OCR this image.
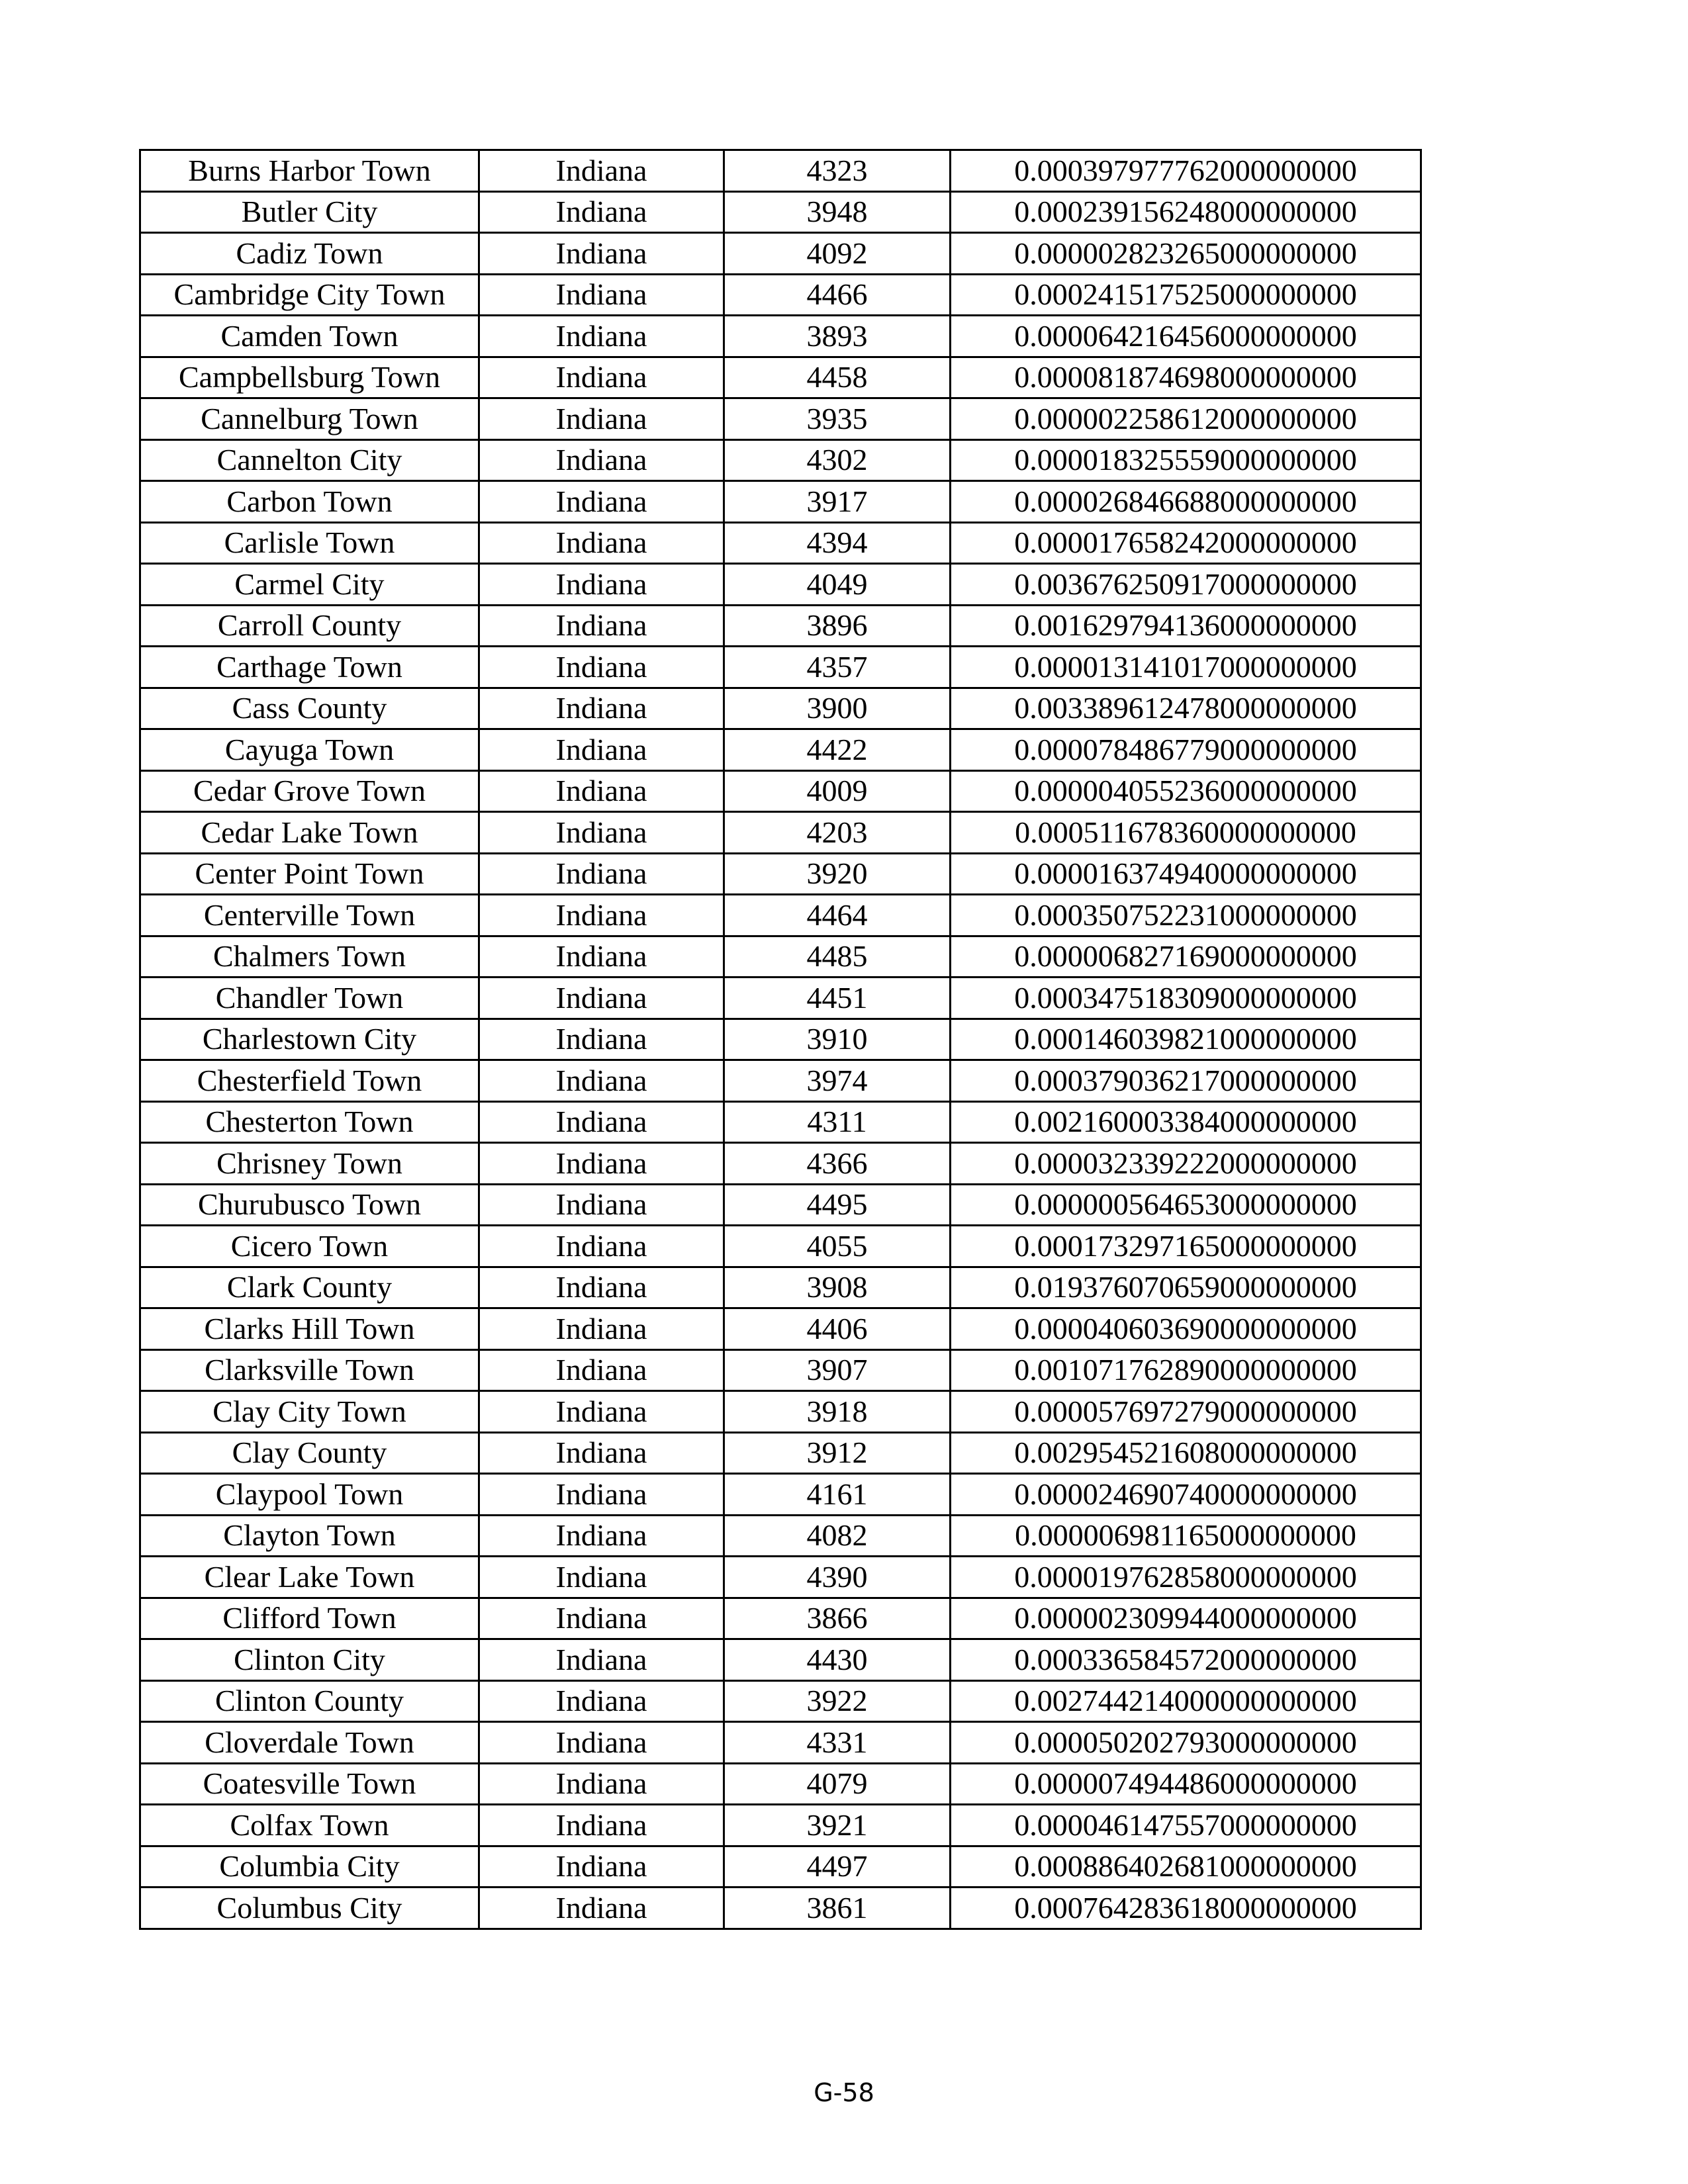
Burns Harbor Town	Indiana	4323	0.000397977762000000000
Butler City	Indiana	3948	0.000239156248000000000
Cadiz Town	Indiana	4092	0.000002823265000000000
Cambridge City Town	Indiana	4466	0.000241517525000000000
Camden Town	Indiana	3893	0.000064216456000000000
Campbellsburg Town	Indiana	4458	0.000081874698000000000
Cannelburg Town	Indiana	3935	0.000002258612000000000
Cannelton City	Indiana	4302	0.000018325559000000000
Carbon Town	Indiana	3917	0.000026846688000000000
Carlisle Town	Indiana	4394	0.000017658242000000000
Carmel City	Indiana	4049	0.003676250917000000000
Carroll County	Indiana	3896	0.001629794136000000000
Carthage Town	Indiana	4357	0.000013141017000000000
Cass County	Indiana	3900	0.003389612478000000000
Cayuga Town	Indiana	4422	0.000078486779000000000
Cedar Grove Town	Indiana	4009	0.000004055236000000000
Cedar Lake Town	Indiana	4203	0.000511678360000000000
Center Point Town	Indiana	3920	0.000016374940000000000
Centerville Town	Indiana	4464	0.000350752231000000000
Chalmers Town	Indiana	4485	0.000006827169000000000
Chandler Town	Indiana	4451	0.000347518309000000000
Charlestown City	Indiana	3910	0.000146039821000000000
Chesterfield Town	Indiana	3974	0.000379036217000000000
Chesterton Town	Indiana	4311	0.002160003384000000000
Chrisney Town	Indiana	4366	0.000032339222000000000
Churubusco Town	Indiana	4495	0.000000564653000000000
Cicero Town	Indiana	4055	0.000173297165000000000
Clark County	Indiana	3908	0.019376070659000000000
Clarks Hill Town	Indiana	4406	0.000040603690000000000
Clarksville Town	Indiana	3907	0.001071762890000000000
Clay City Town	Indiana	3918	0.000057697279000000000
Clay County	Indiana	3912	0.002954521608000000000
Claypool Town	Indiana	4161	0.000024690740000000000
Clayton Town	Indiana	4082	0.000006981165000000000
Clear Lake Town	Indiana	4390	0.000019762858000000000
Clifford Town	Indiana	3866	0.000002309944000000000
Clinton City	Indiana	4430	0.000336584572000000000
Clinton County	Indiana	3922	0.002744214000000000000
Cloverdale Town	Indiana	4331	0.000050202793000000000
Coatesville Town	Indiana	4079	0.000007494486000000000
Colfax Town	Indiana	3921	0.000046147557000000000
Columbia City	Indiana	4497	0.000886402681000000000
Columbus City	Indiana	3861	0.000764283618000000000
G-58
